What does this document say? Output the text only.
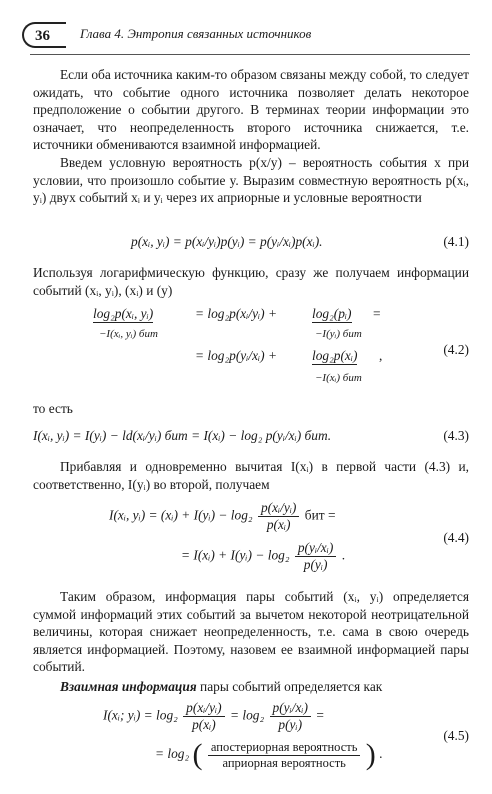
36	Глава 4. Энтропия связанных источников

Если оба источника каким-то образом связаны между собой, то следует ожидать, что событие одного источника позволяет делать некоторое предположение о событии другого. В терминах теории информации это означает, что неопределенность второго источника снижается, т.е. источники обмениваются взаимной информацией.

Введем условную вероятность p(x/y) – вероятность события x при условии, что произошло событие y. Выразим совместную вероятность p(xᵢ, yᵢ) двух событий xᵢ и yᵢ через их априорные и условные вероятности

p(xᵢ, yᵢ) = p(xᵢ/yᵢ)p(yᵢ) = p(yᵢ/xᵢ)p(xᵢ).	(4.1)

Используя логарифмическую функцию, сразу же получаем информации событий (xᵢ, yᵢ), (xᵢ) и (y)

log₂p(xᵢ, yᵢ)
−I(xᵢ, yᵢ) бит
= log₂p(xᵢ/yᵢ) +	log₂(pᵢ)
−I(yᵢ) бит
=
= log₂p(yᵢ/xᵢ) +	log₂p(xᵢ) ,
−I(xᵢ) бит
(4.2)

то есть

I(xᵢ, yᵢ) = I(yᵢ) − ld(xᵢ/yᵢ) бит = I(xᵢ) − log₂ p(yᵢ/xᵢ) бит.	(4.3)

Прибавляя и одновременно вычитая I(xᵢ) в первой части (4.3) и, соответственно, I(yᵢ) во второй, получаем

I(xᵢ, yᵢ) = (xᵢ) + I(yᵢ) − $\log_2 \frac{\text{p(xᵢ/yᵢ)}}{\text{p(xᵢ)}}$ бит =
= I(xᵢ) + I(yᵢ) − $\log_2 \frac{\text{p(yᵢ/xᵢ)}}{\text{p(yᵢ)}}$ .
(4.4)

Таким образом, информация пары событий (xᵢ, yᵢ) определяется суммой информаций этих событий за вычетом некоторой неотрицательной величины, которая снижает неопределенность, т.е. сама в свою очередь является информацией. Поэтому, назовем ее взаимной информацией пары событий.

Взаимная информация пары событий определяется как

I(xᵢ; yᵢ) = $\log_2 \frac{\text{p(xᵢ/yᵢ)}}{\text{p(xᵢ)}} = \log_2 \frac{\text{p(yᵢ/xᵢ)}}{\text{p(yᵢ)}}$ =
= log₂ ( $\frac{\text{апостериорная вероятность}}{\text{априорная вероятность}}$ ) .
(4.5)
